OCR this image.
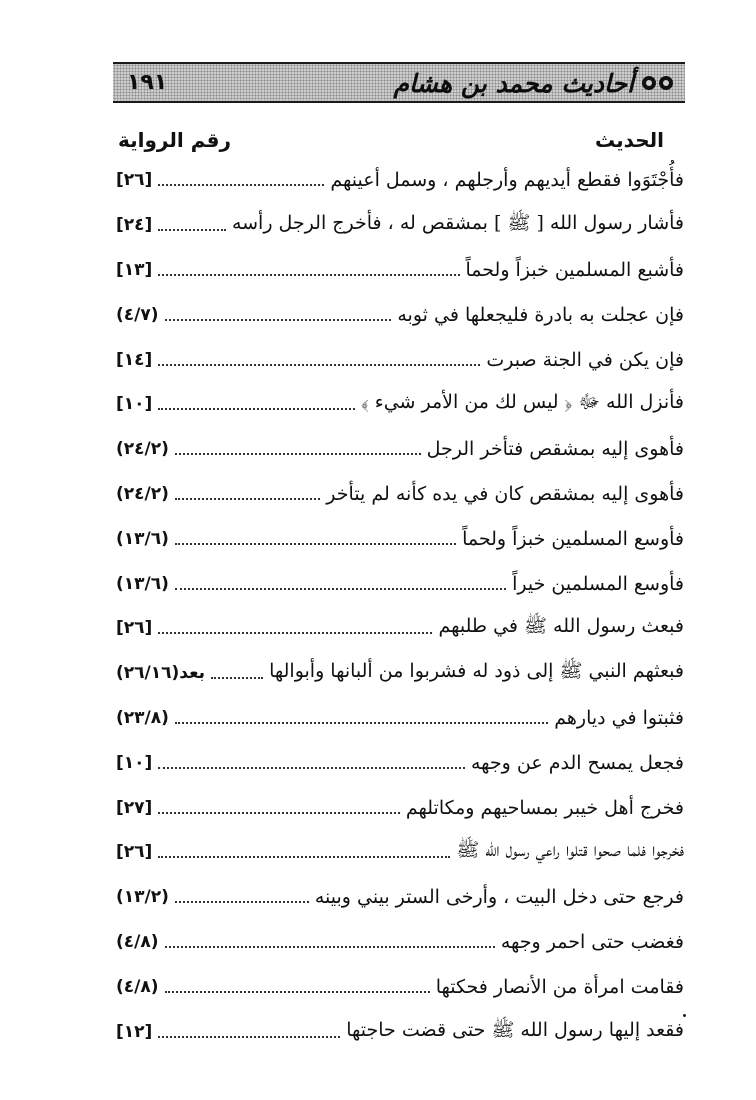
أحاديث محمد بن هشام
١٩١
الحديث
رقم الرواية
فأُجْتَوَوا فقطع أيديهم وأرجلهم ، وسمل أعينهم
[٢٦]
فأشار رسول الله [ ﷺ ] بمشقص له ، فأخرج الرجل رأسه
[٢٤]
فأشبع المسلمين خبزاً ولحماً
[١٣]
فإن عجلت به بادرة فليجعلها في ثوبه
(٤/٧)
فإن يكن في الجنة صبرت
[١٤]
فأنزل الله ﷻ ﴿ ليس لك من الأمر شيء ﴾
[١٠]
فأهوى إليه بمشقص فتأخر الرجل
(٢٤/٢)
فأهوى إليه بمشقص كان في يده كأنه لم يتأخر
(٢٤/٢)
فأوسع المسلمين خبزاً ولحماً
(١٣/٦)
فأوسع المسلمين خيراً
(١٣/٦)
فبعث رسول الله ﷺ في طلبهم
[٢٦]
فبعثهم النبي ﷺ إلى ذود له فشربوا من ألبانها وأبوالها
بعد(٢٦/١٦)
فثبتوا في ديارهم
(٢٣/٨)
فجعل يمسح الدم عن وجهه
[١٠]
فخرج أهل خيبر بمساحيهم ومكاتلهم
[٢٧]
فخرجوا فلما صحوا قتلوا راعي رسول الله ﷺ
[٢٦]
فرجع حتى دخل البيت ، وأرخى الستر بيني وبينه
(١٣/٢)
فغضب حتى احمر وجهه
(٤/٨)
فقامت امرأة من الأنصار فحكتها
(٤/٨)
فقعد إليها رسول الله ﷺ حتى قضت حاجتها
[١٢]
